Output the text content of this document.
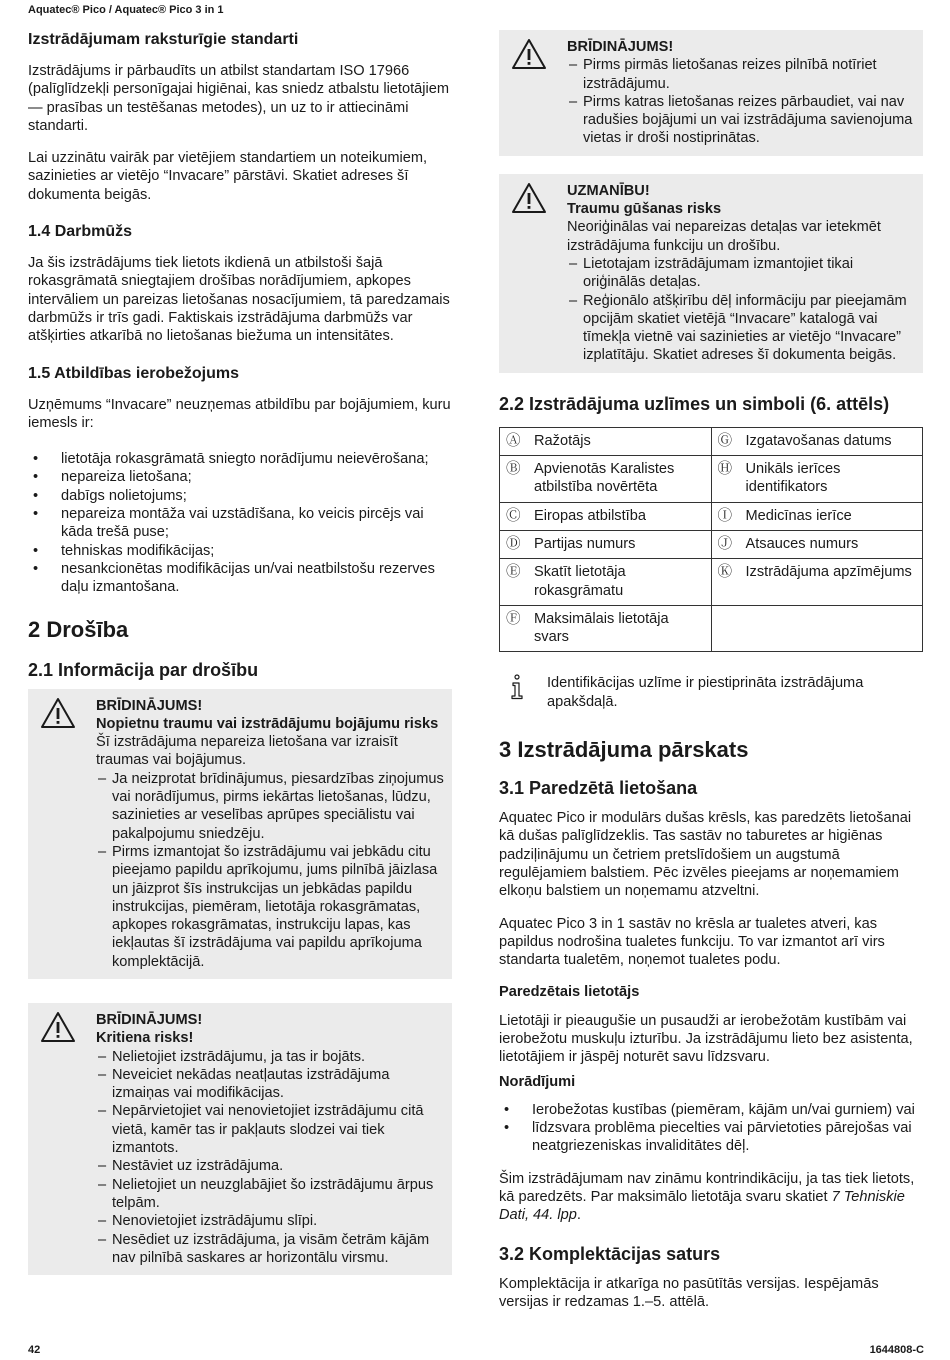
Aquatec® Pico / Aquatec® Pico 3 in 1
Izstrādājumam raksturīgie standarti

Izstrādājums ir pārbaudīts un atbilst standartam ISO 17966 (palīglīdzekļi personīgajai higiēnai, kas sniedz atbalstu lietotājiem — prasības un testēšanas metodes), un uz to ir attiecināmi standarti.

Lai uzzinātu vairāk par vietējiem standartiem un noteikumiem, sazinieties ar vietējo “Invacare” pārstāvi. Skatiet adreses šī dokumenta beigās.

1.4 Darbmūžs

Ja šis izstrādājums tiek lietots ikdienā un atbilstoši šajā rokasgrāmatā sniegtajiem drošības norādījumiem, apkopes intervāliem un pareizas lietošanas nosacījumiem, tā paredzamais darbmūžs ir trīs gadi. Faktiskais izstrādājuma darbmūžs var atšķirties atkarībā no lietošanas biežuma un intensitātes.

1.5 Atbildības ierobežojums

Uzņēmums “Invacare” neuzņemas atbildību par bojājumiem, kuru iemesls ir:

• lietotāja rokasgrāmatā sniegto norādījumu neievērošana;
• nepareiza lietošana;
• dabīgs nolietojums;
• nepareiza montāža vai uzstādīšana, ko veicis pircējs vai kāda trešā puse;
• tehniskas modifikācijas;
• nesankcionētas modifikācijas un/vai neatbilstošu rezerves daļu izmantošana.
2 Drošība
2.1 Informācija par drošību
BRĪDINĀJUMS!
Nopietnu traumu vai izstrādājumu bojājumu risks
Šī izstrādājuma nepareiza lietošana var izraisīt traumas vai bojājumus.
– Ja neizprotat brīdinājumus, piesardzības ziņojumus vai norādījumus, pirms iekārtas lietošanas, lūdzu, sazinieties ar veselības aprūpes speciālistu vai pakalpojumu sniedzēju.
– Pirms izmantojat šo izstrādājumu vai jebkādu citu pieejamo papildu aprīkojumu, jums pilnībā jāizlasa un jāizprot šīs instrukcijas un jebkādas papildu instrukcijas, piemēram, lietotāja rokasgrāmatas, apkopes rokasgrāmatas, instrukciju lapas, kas iekļautas šī izstrādājuma vai papildu aprīkojuma komplektācijā.
BRĪDINĀJUMS!
Kritiena risks!
– Nelietojiet izstrādājumu, ja tas ir bojāts.
– Neveiciet nekādas neatļautas izstrādājuma izmaiņas vai modifikācijas.
– Nepārvietojiet vai nenovietojiet izstrādājumu citā vietā, kamēr tas ir pakļauts slodzei vai tiek izmantots.
– Nestāviet uz izstrādājuma.
– Nelietojiet un neuzglabājiet šo izstrādājumu ārpus telpām.
– Nenovietojiet izstrādājumu slīpi.
– Nesēdiet uz izstrādājuma, ja visām četrām kājām nav pilnībā saskares ar horizontālu virsmu.
BRĪDINĀJUMS!
– Pirms pirmās lietošanas reizes pilnībā notīriet izstrādājumu.
– Pirms katras lietošanas reizes pārbaudiet, vai nav radušies bojājumi un vai izstrādājuma savienojuma vietas ir droši nostiprinātas.
UZMANĪBU!
Traumu gūšanas risks
Neoriģinālas vai nepareizas detaļas var ietekmēt izstrādājuma funkciju un drošību.
– Lietotajam izstrādājumam izmantojiet tikai oriģinālās detaļas.
– Reģionālo atšķirību dēļ informāciju par pieejamām opcijām skatiet vietējā “Invacare” katalogā vai tīmekļa vietnē vai sazinieties ar vietējo “Invacare” izplatītāju. Skatiet adreses šī dokumenta beigās.
2.2 Izstrādājuma uzlīmes un simboli (6. attēls)
Ⓐ Ražotājs	Ⓖ Izgatavošanas datums

Ⓑ Apvienotās Karalistes atbilstība novērtēta	Ⓗ Unikāls ierīces identifikators

Ⓒ Eiropas atbilstība	Ⓘ Medicīnas ierīce

Ⓓ Partijas numurs	Ⓙ Atsauces numurs

Ⓔ Skatīt lietotāja rokasgrāmatu	Ⓚ Izstrādājuma apzīmējums

Ⓕ Maksimālais lietotāja svars	

Identifikācijas uzlīme ir piestiprināta izstrādājuma apakšdaļā.

3 Izstrādājuma pārskats
3.1 Paredzētā lietošana

Aquatec Pico ir modulārs dušas krēsls, kas paredzēts lietošanai kā dušas palīglīdzeklis. Tas sastāv no taburetes ar higiēnas padziļinājumu un četriem pretslīdošiem un augstumā regulējamiem balstiem. Pēc izvēles pieejams ar noņemamiem elkoņu balstiem un noņemamu atzveltni.

Aquatec Pico 3 in 1 sastāv no krēsla ar tualetes atveri, kas papildus nodrošina tualetes funkciju. To var izmantot arī virs standarta tualetēm, noņemot tualetes podu.

Paredzētais lietotājs

Lietotāji ir pieaugušie un pusaudži ar ierobežotām kustībām vai ierobežotu muskuļu izturību. Ja izstrādājumu lieto bez asistenta, lietotājiem ir jāspēj noturēt savu līdzsvaru.

Norādījumi
• Ierobežotas kustības (piemēram, kājām un/vai gurniem) vai
• līdzsvara problēma piecelties vai pārvietoties pārejošas vai neatgriezeniskas invaliditātes dēļ.

Šim izstrādājumam nav zināmu kontrindikāciju, ja tas tiek lietots, kā paredzēts. Par maksimālo lietotāja svaru skatiet 7 Tehniskie Dati, 44. lpp.

3.2 Komplektācijas saturs

Komplektācija ir atkarīga no pasūtītās versijas. Iespējamās versijas ir redzamas 1.–5. attēlā.

42	1644808-C
